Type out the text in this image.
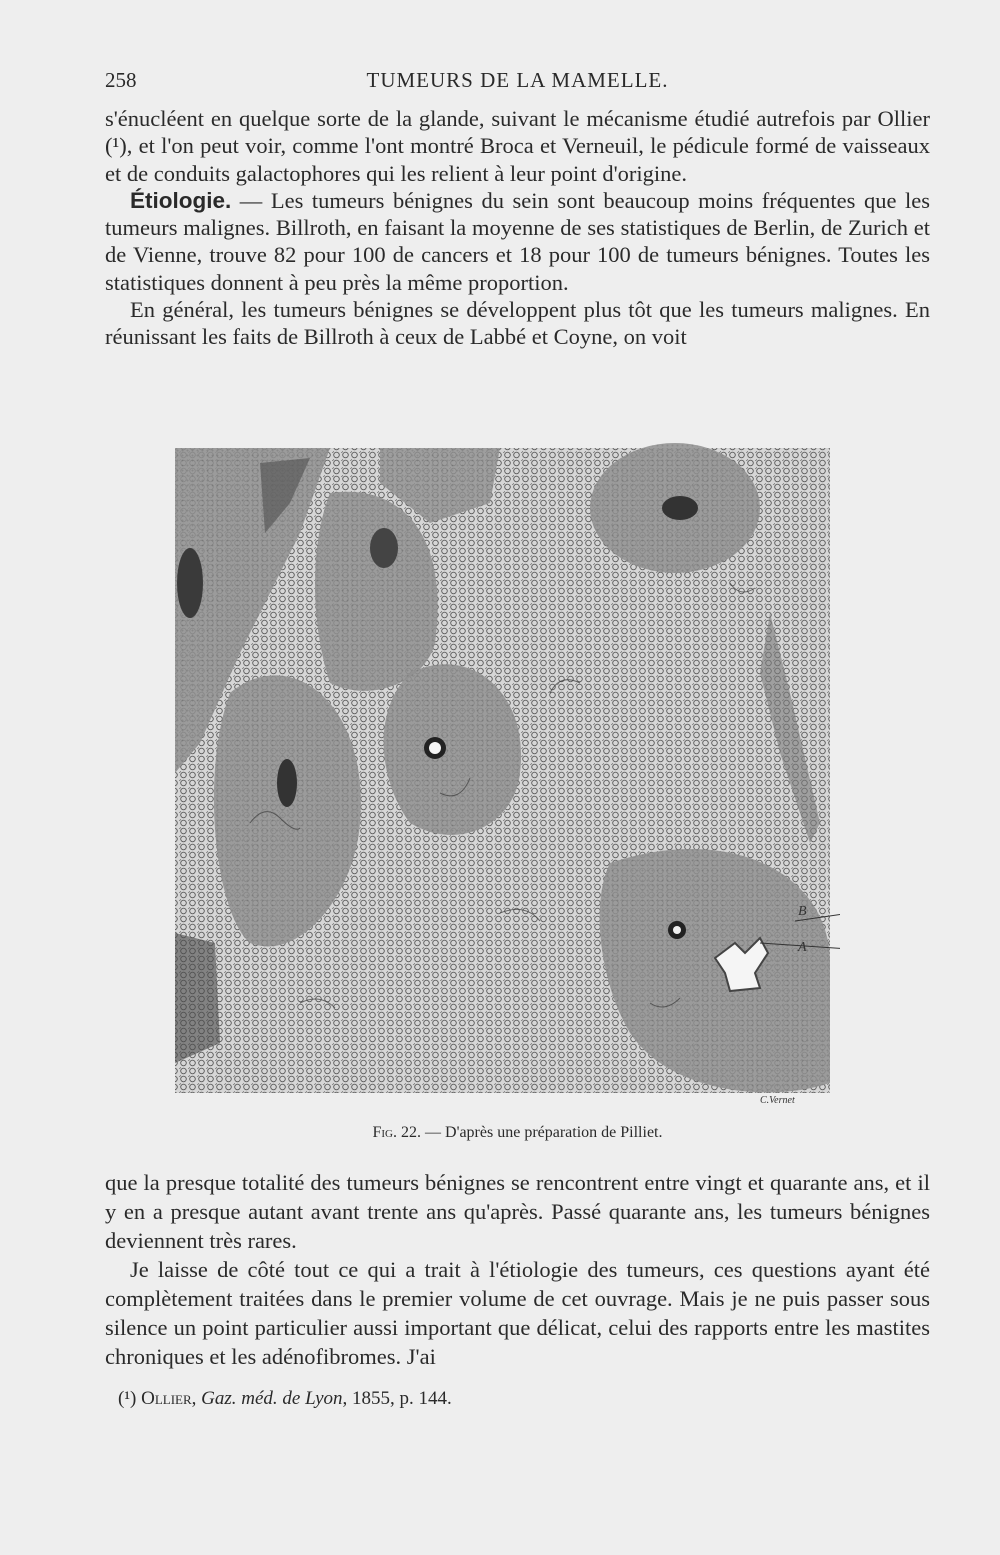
258	TUMEURS DE LA MAMELLE.

s'énucléent en quelque sorte de la glande, suivant le mécanisme étudié autrefois par Ollier (¹), et l'on peut voir, comme l'ont montré Broca et Verneuil, le pédicule formé de vaisseaux et de conduits galactophores qui les relient à leur point d'origine.

Étiologie. — Les tumeurs bénignes du sein sont beaucoup moins fréquentes que les tumeurs malignes. Billroth, en faisant la moyenne de ses statistiques de Berlin, de Zurich et de Vienne, trouve 82 pour 100 de cancers et 18 pour 100 de tumeurs bénignes. Toutes les statistiques donnent à peu près la même proportion.

En général, les tumeurs bénignes se développent plus tôt que les tumeurs malignes. En réunissant les faits de Billroth à ceux de Labbé et Coyne, on voit

B
A
C.Vernet
Fig. 22. — D'après une préparation de Pilliet.

que la presque totalité des tumeurs bénignes se rencontrent entre vingt et quarante ans, et il y en a presque autant avant trente ans qu'après. Passé quarante ans, les tumeurs bénignes deviennent très rares.

Je laisse de côté tout ce qui a trait à l'étiologie des tumeurs, ces questions ayant été complètement traitées dans le premier volume de cet ouvrage. Mais je ne puis passer sous silence un point particulier aussi important que délicat, celui des rapports entre les mastites chroniques et les adénofibromes. J'ai

(¹) Ollier, Gaz. méd. de Lyon, 1855, p. 144.
